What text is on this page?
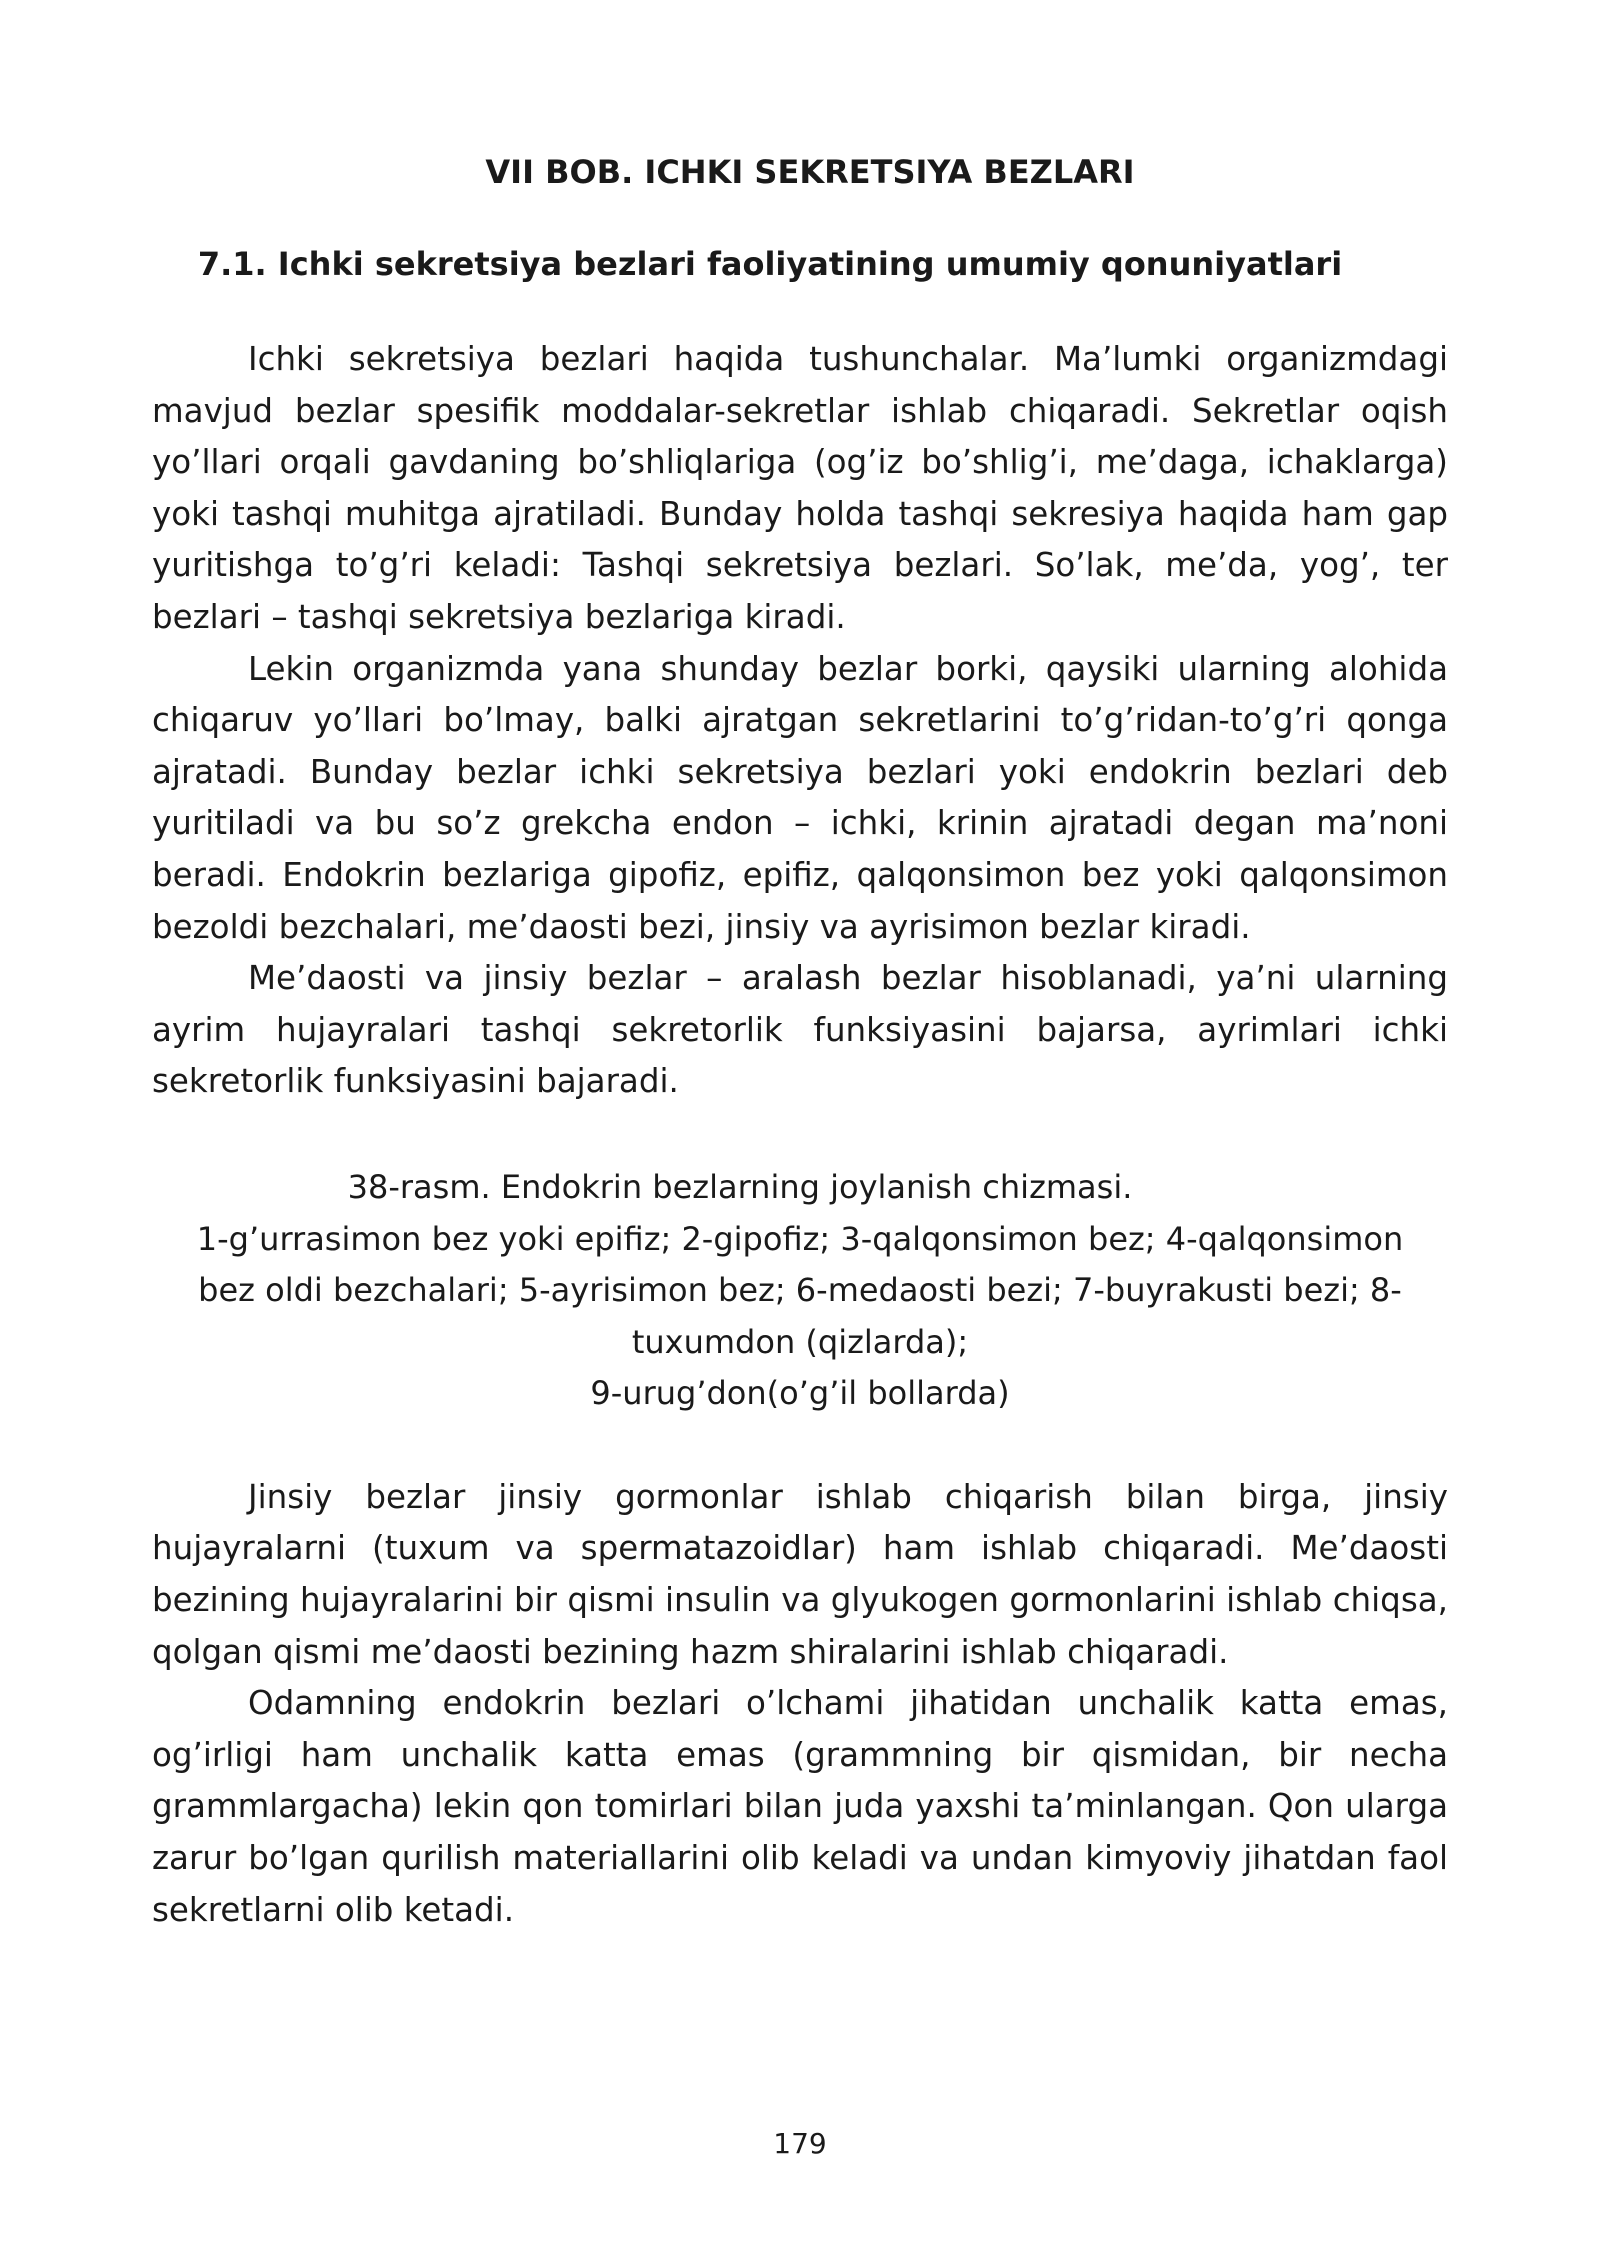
VII BOB. ICHKI SEKRETSIYA BEZLARI
7.1. Ichki sekretsiya bezlari faoliyatining umumiy qonuniyatlari

Ichki sekretsiya bezlari haqida tushunchalar. Ma’lumki organizmdagi mavjud bezlar spesifik moddalar-sekretlar ishlab chiqaradi. Sekretlar oqish yo’llari orqali gavdaning bo’shliqlariga (og’iz bo’shlig’i, me’daga, ichaklarga) yoki tashqi muhitga ajratiladi. Bunday holda tashqi sekresiya haqida ham gap yuritishga to’g’ri keladi: Tashqi sekretsiya bezlari. So’lak, me’da, yog’, ter bezlari – tashqi sekretsiya bezlariga kiradi.

Lekin organizmda yana shunday bezlar borki, qaysiki ularning alohida chiqaruv yo’llari bo’lmay, balki ajratgan sekretlarini to’g’ridan-to’g’ri qonga ajratadi. Bunday bezlar ichki sekretsiya bezlari yoki endokrin bezlari deb yuritiladi va bu so’z grekcha endon – ichki, krinin ajratadi degan ma’noni beradi. Endokrin bezlariga gipofiz, epifiz, qalqonsimon bez yoki qalqonsimon bezoldi bezchalari, me’daosti bezi, jinsiy va ayrisimon bezlar kiradi.

Me’daosti va jinsiy bezlar – aralash bezlar hisoblanadi, ya’ni ularning ayrim hujayralari tashqi sekretorlik funksiyasini bajarsa, ayrimlari ichki sekretorlik funksiyasini bajaradi.

38-rasm. Endokrin bezlarning joylanish chizmasi.
1-g’urrasimon bez yoki epifiz; 2-gipofiz; 3-qalqonsimon bez; 4-qalqonsimon bez oldi bezchalari; 5-ayrisimon bez; 6-medaosti bezi; 7-buyrakusti bezi; 8-tuxumdon (qizlarda);
9-urug’don(o’g’il bollarda)

Jinsiy bezlar jinsiy gormonlar ishlab chiqarish bilan birga, jinsiy hujayralarni (tuxum va spermatazoidlar) ham ishlab chiqaradi. Me’daosti bezining hujayralarini bir qismi insulin va glyukogen gormonlarini ishlab chiqsa, qolgan qismi me’daosti bezining hazm shiralarini ishlab chiqaradi.

Odamning endokrin bezlari o’lchami jihatidan unchalik katta emas, og’irligi ham unchalik katta emas (grammning bir qismidan, bir necha grammlargacha) lekin qon tomirlari bilan juda yaxshi ta’minlangan. Qon ularga zarur bo’lgan qurilish materiallarini olib keladi va undan kimyoviy jihatdan faol sekretlarni olib ketadi.

179
